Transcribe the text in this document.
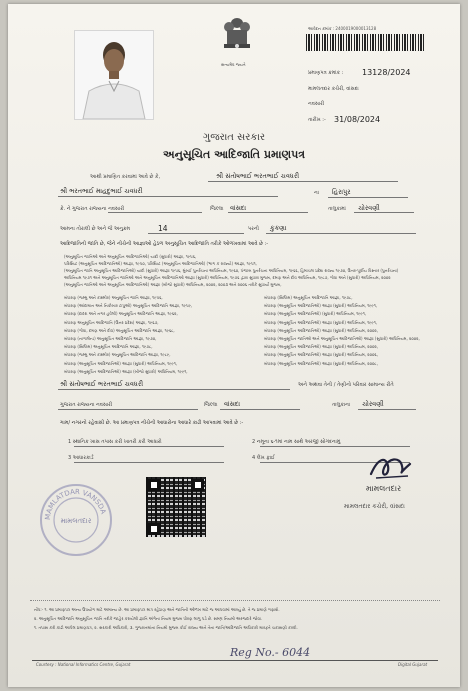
સત્યમેવ જયતે
આવેદન ક્રમાંક : 2400019000013128
પ્રમાણપત્ર ક્રમાંક : 13128/2024
મામલતદાર કચેરી, વાંસદા
નવસારી
તારીખ :- 31/08/2024
ગુજરાત સરકાર
અનુસૂચિત આદિજાતિ પ્રમાણપત્ર
આથી પ્રમાણિત કરવામાં આવે છે કે,	શ્રી સંતોષભાઈ ભરતભાઈ ચવધરી
શ્રી ભરતભાઈ માહદુભાઈ ચવધરી	ના હિરાપુર
ક્રે. ને ગુજરાત રાજ્યના નવસારી	જિલ્લા વાંસદા	તાલુકામાં ચોરવણી
આમના તોરાલી છે અને જે અનુક્રમ	14	પરની કુકણા
આદિજાતિની જાતિ છે, જેને નીચેની આજ્ઞાઓ હેઠળ અનુસૂચિત આદિજાતિ તરીકે ઓળખવામાં આવે છે :-
(અનુસૂચિત જાતિઓ અને અનુસૂચિત આદિજાતિઓ) યાદી (સુધારો) આજ્ઞા, ૧૯૫૬,
પરિશિષ્ટ (અનુસૂચિત આદિજાતિઓ) આજ્ઞા, ૧૯૫૦, પરિશિષ્ટ (અનુસૂચિત આદિજાતિઓ) (ભાગ ક રાજ્યો) આજ્ઞા, ૧૯૫૧,
(અનુસૂચિત જાતિ અનુસૂચિત આદિજાતિઓ) યાદી (સુધારો) આજ્ઞા ૧૯૫૬, મુંબઈ પુનર્રચના અધિનિયમ, ૧૯૬૦, પંજાબ પુનર્રચના અધિનિયમ, ૧૯૬૬, હિમાચલ પ્રદેશ રાજ્ય ૧૯૭૦, ઉત્તર-પૂર્વીય વિસ્તાર (પુનર્રચના)
અધિનિયમ ૧૯૭૧ અને અનુસૂચિત જાતિઓ અને અનુસૂચિત આદિજાતિઓ આજ્ઞા (સુધારો) અધિનિયમ, ૧૯૭૬ દ્વારા સુધારા મુજબ, દમણ અને દીવ અધિનિયમ, ૧૯૮૭, ગોવા અને (સુધારો) અધિનિયમ, ૨૦૦૨
(અનુસૂચિત જાતિઓ અને અનુસૂચિત આદિજાતિઓ) આજ્ઞા (બીજો સુધારો) અધિનિયમ, ૨૦૦૨, ૨૦૦૩ અને ૨૦૦૬ તરીકે સુધાર્યા મુજબ,
બંધારણ (જમ્મુ અને કાશ્મીર) અનુસૂચિત જાતિ આજ્ઞા, ૧૯૫૬,
બંધારણ (આંદામાન અને નિકોબાર ટાપુઓ) અનુસૂચિત આદિજાતિ આજ્ઞા, ૧૯૫૯,
બંધારણ (દાદરા અને નગર હવેલી) અનુસૂચિત આદિજાતિ આજ્ઞા, ૧૯૬૨,
બંધારણ અનુસૂચિત આદિજાતિ (ઉત્તર પ્રદેશ) આજ્ઞા, ૧૯૬૭,
બંધારણ (ગોવા, દમણ અને દીવ) અનુસૂચિત આદિજાતિ આજ્ઞા, ૧૯૬૮,
બંધારણ (નાગાલેન્ડ) અનુસૂચિત આદિજાતિ આજ્ઞા, ૧૯૭૦,
બંધારણ (સિક્કિમ) અનુસૂચિત આદિજાતિ આજ્ઞા, ૧૯૭૮,
બંધારણ (જમ્મુ અને કાશ્મીર) અનુસૂચિત આદિજાતિ આજ્ઞા, ૧૯૮૯,
બંધારણ (અનુસૂચિત આદિજાતિઓ) આજ્ઞા (સુધારો) અધિનિયમ, ૧૯૯૧,
બંધારણ (અનુસૂચિત આદિજાતિઓ) આજ્ઞા (બીજો સુધારો) અધિનિયમ, ૧૯૯૧,
બંધારણ (સિક્કિમ) અનુસૂચિત આદિજાતિ આજ્ઞા, ૧૯૭૮,
બંધારણ (અનુસૂચિત આદિજાતિઓ) આજ્ઞા (સુધારો) અધિનિયમ, ૧૯૯૧,
બંધારણ (અનુસૂચિત આદિજાતિઓ) (સુધારો) અધિનિયમ, ૧૯૯૧,
બંધારણ (અનુસૂચિત આદિજાતિઓ) આજ્ઞા (સુધારો) અધિનિયમ, ૧૯૯૧,
બંધારણ (અનુસૂચિત આદિજાતિઓ) આજ્ઞા (સુધારો) અધિનિયમ, ૨૦૦૨,
બંધારણ (અનુસૂચિત જાતિઓ અને અનુસૂચિત આદિજાતિઓ) આજ્ઞા (સુધારો) અધિનિયમ, ૨૦૦૨,
બંધારણ (અનુસૂચિત આદિજાતિઓ) આજ્ઞા (સુધારો) અધિનિયમ, ૨૦૦૨,
બંધારણ (અનુસૂચિત આદિજાતિઓ) આજ્ઞા (સુધારો) અધિનિયમ, ૨૦૦૬,
બંધારણ (અનુસૂચિત આદિજાતિઓ) આજ્ઞા (સુધારો) અધિનિયમ, ૨૦૦૮,
શ્રી સંતોષભાઈ ભરતભાઈ ચવધરી	અને અથવા તેની / તેણીનો પરિવાર સામાન્ય રીતે
ગુજરાત રાજ્યના નવસારી	જિલ્લા વાંસદા	તાલુકાના ચોરવણી
ગામ/ નગરનો રહેવાસી છે. આ પ્રમાણપત્ર નીચેની આધારોના આધારે કાઢી આપવામાં આવે છે :-
1 સ્થાનિક ખાસ તપાસ કરી ખાતરી કરી આધારો	2 નમૂના ૬-૧માં નામ સાથે અરજી સોગંદનામું
3 આધારકાર્ડ	4 લેખ ફાઈ
MAMLATDAR VANSDA
મામલતદાર
મામલતદાર
મામલતદાર કચેરી, વાંસદા
નોંધ:- ૧. આ પ્રમાણપત્ર અન્ય ઉપયોગ માટે અમાન્ય છે. આ પ્રમાણપત્ર માત્ર રહેઠાણ અને જાતિની ઓળખ માટે જ આપવામાં આવ્યું છે. તે જ પ્રમાણે ગણાશે.
૨. અનુસૂચિત આદિજાતિ અનુસૂચિત જાતિ તરીકે જાહેર કરાયેલી જ્ઞાતિ અંગેના નિયમ મુજબ ધોરણ લાગુ પડે છે. સમગ્ર નિયમો અરજદારે જોવા.
૧. તપાસ કરી કાઢી આપેલ પ્રમાણપત્ર, ૨. સરકારી અધિકારી, ૩. ગુજરાતમાંના નિયમો મુજબ કોઈ રાજ્ય અને તેના જાતિ/આદિજાતિ અધિકારી મારફતે ચકાસણી કરવી.
Reg No.- 6044
Courtesy : National Informatics Centre, Gujarat	Digital Gujarat
